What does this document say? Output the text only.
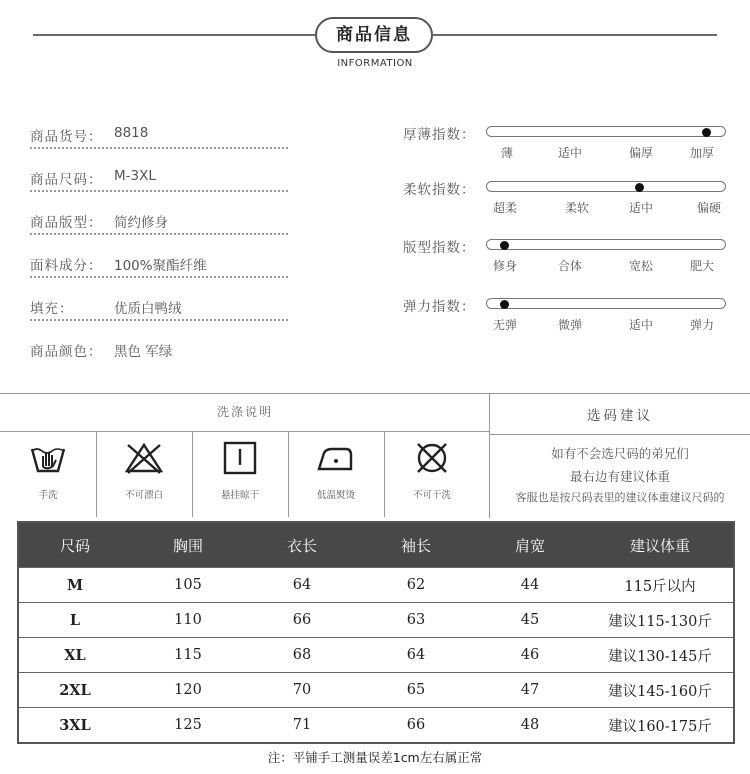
商品信息
INFORMATION
商品货号： 8818
商品尺码： M-3XL
商品版型： 简约修身
面料成分： 100%聚酯纤维
填充：	优质白鸭绒
商品颜色： 黑色 军绿
厚薄指数：
薄	适中	偏厚	加厚
柔软指数：
超柔	柔软	适中	偏硬
版型指数：
修身	合体	宽松	肥大
弹力指数：
无弹	微弹	适中	弹力
洗涤说明
手洗	不可漂白	悬挂晾干	低温熨烫	不可干洗
选码建议
如有不会选尺码的弟兄们
最右边有建议体重
客服也是按尺码表里的建议体重建议尺码的
尺码	胸围	衣长	袖长	肩宽	建议体重
M	105	64	62	44	115斤以内
L	110	66	63	45	建议115-130斤
XL	115	68	64	46	建议130-145斤
2XL	120	70	65	47	建议145-160斤
3XL	125	71	66	48	建议160-175斤
注：平铺手工测量误差1cm左右属正常
